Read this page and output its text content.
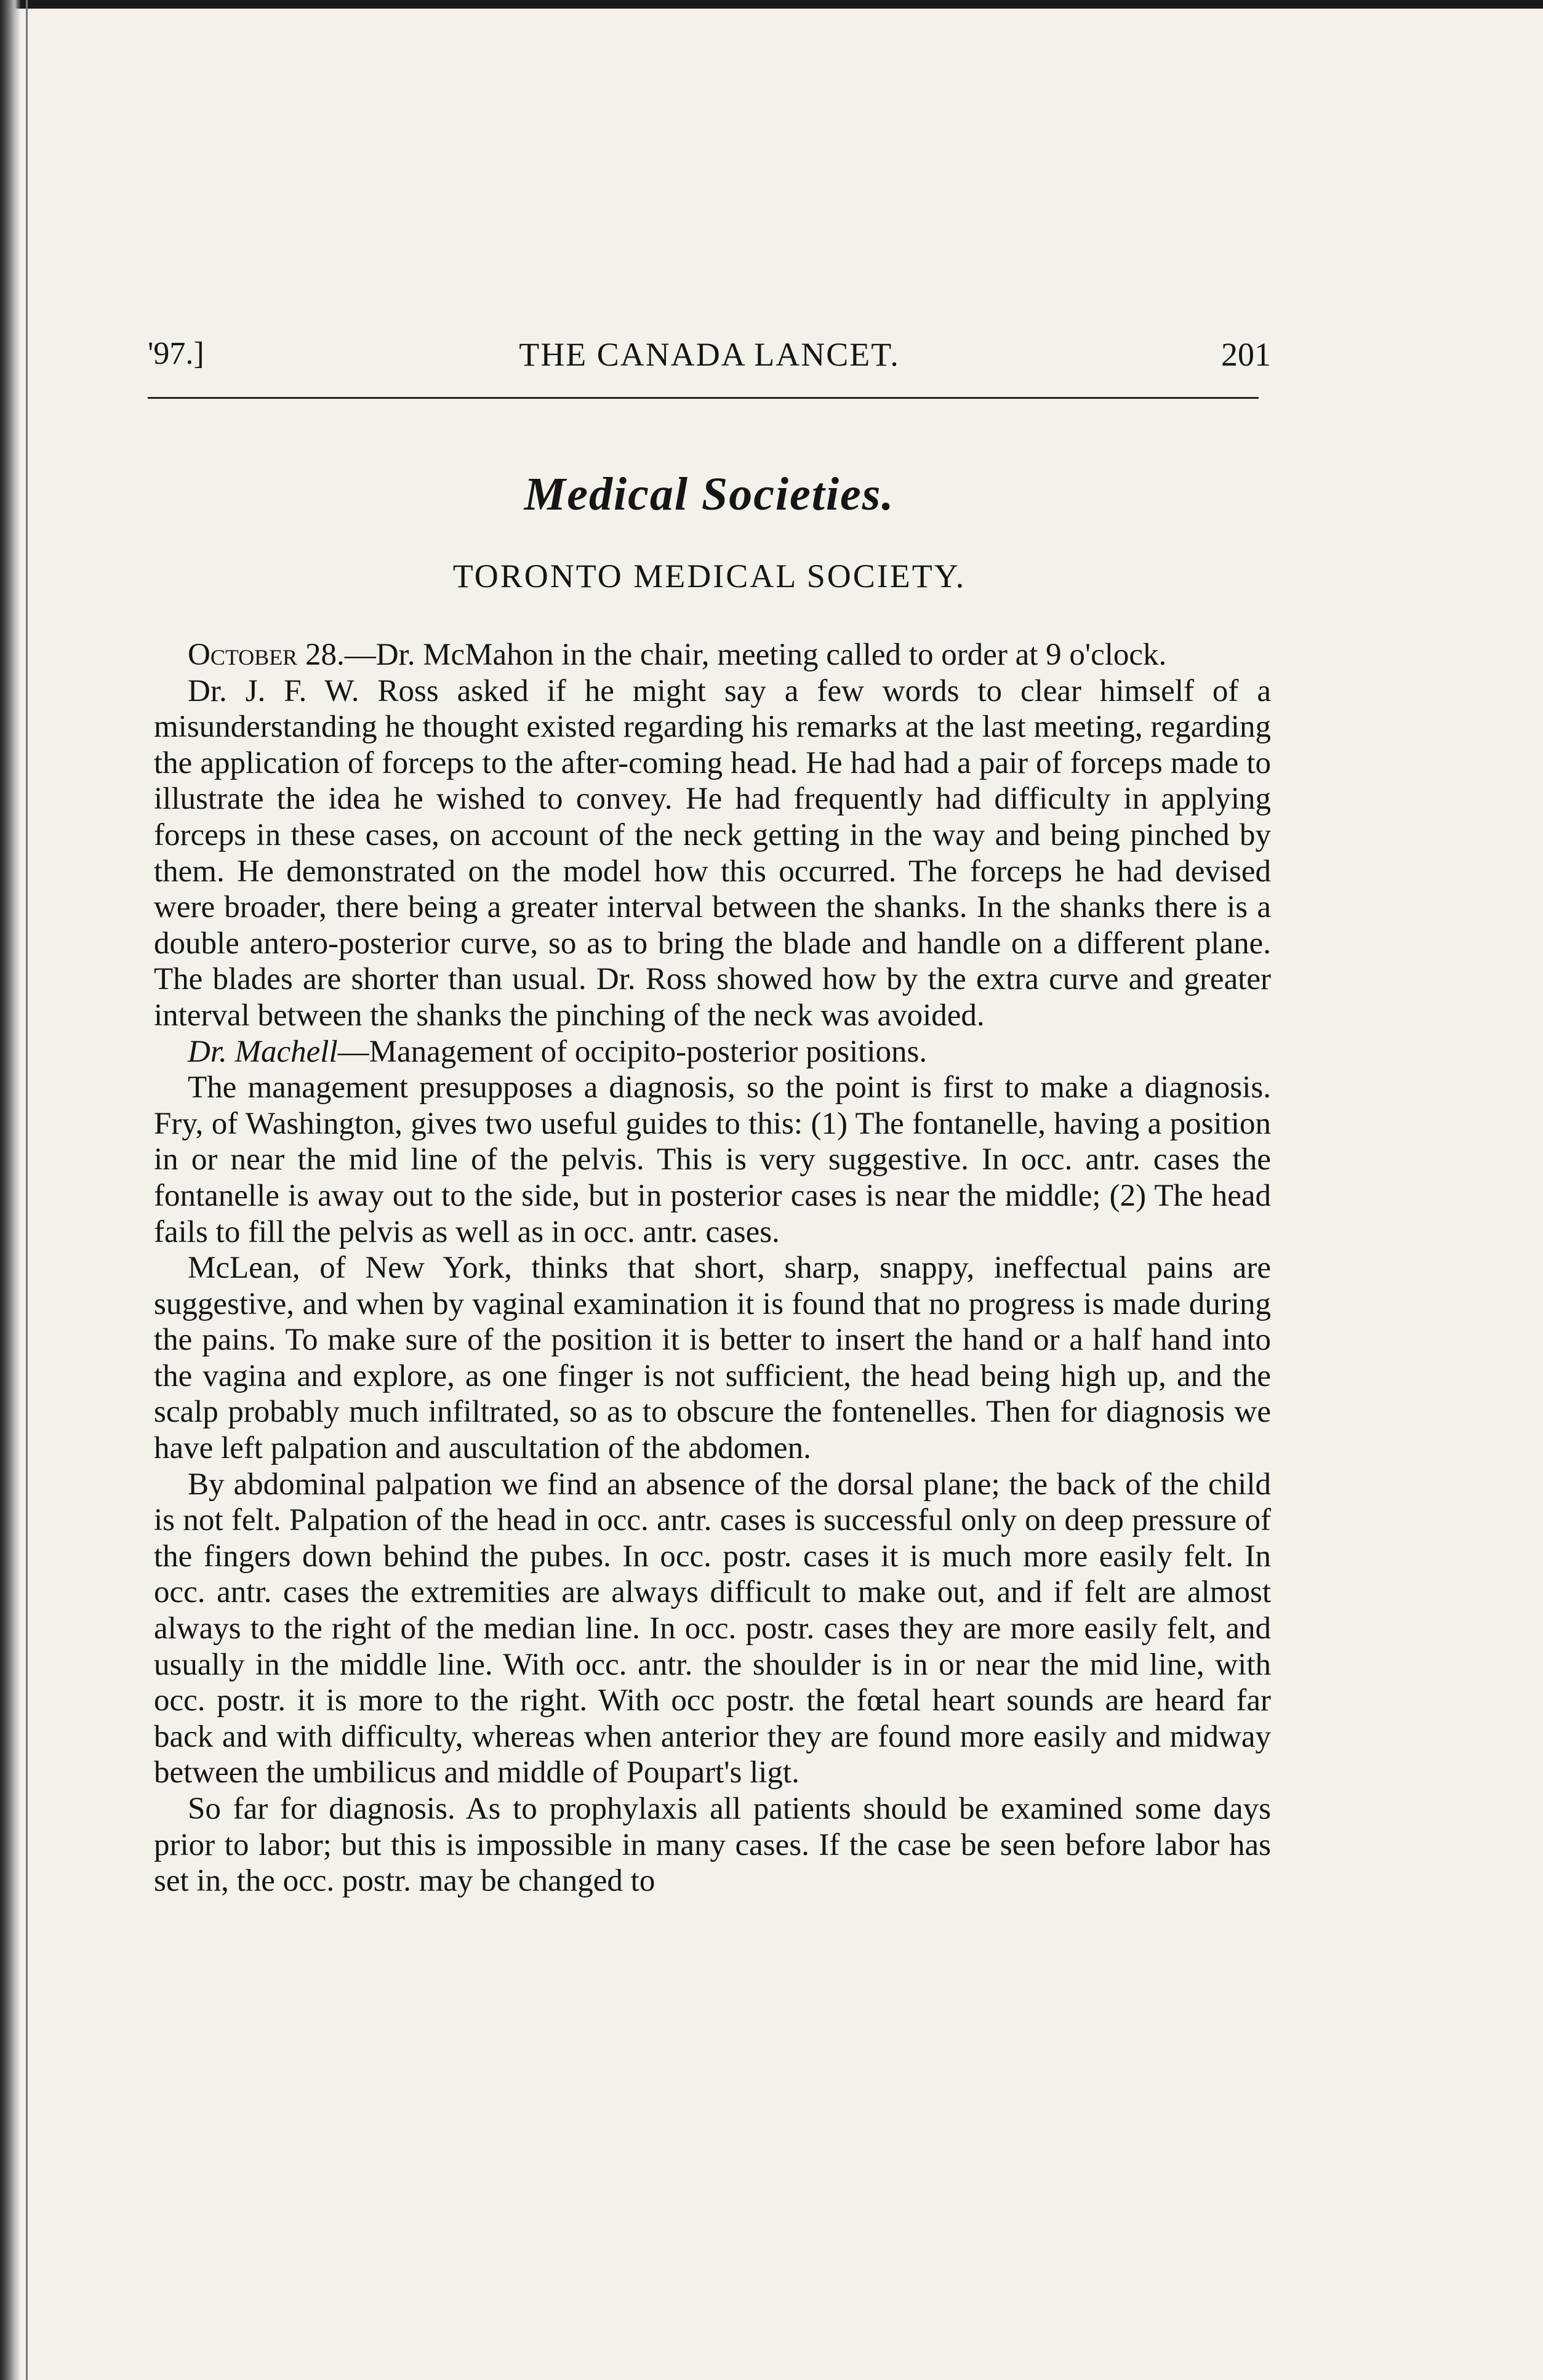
'97.]	THE CANADA LANCET.	201
Medical Societies.
TORONTO MEDICAL SOCIETY.

October 28.—Dr. McMahon in the chair, meeting called to order at 9 o'clock.

Dr. J. F. W. Ross asked if he might say a few words to clear himself of a misunderstanding he thought existed regarding his remarks at the last meeting, regarding the application of forceps to the after-coming head. He had had a pair of forceps made to illustrate the idea he wished to convey. He had frequently had difficulty in applying forceps in these cases, on account of the neck getting in the way and being pinched by them. He demonstrated on the model how this occurred. The forceps he had devised were broader, there being a greater interval between the shanks. In the shanks there is a double antero-posterior curve, so as to bring the blade and handle on a different plane. The blades are shorter than usual. Dr. Ross showed how by the extra curve and greater interval between the shanks the pinching of the neck was avoided.

Dr. Machell—Management of occipito-posterior positions.

The management presupposes a diagnosis, so the point is first to make a diagnosis. Fry, of Washington, gives two useful guides to this: (1) The fontanelle, having a position in or near the mid line of the pelvis. This is very suggestive. In occ. antr. cases the fontanelle is away out to the side, but in posterior cases is near the middle; (2) The head fails to fill the pelvis as well as in occ. antr. cases.

McLean, of New York, thinks that short, sharp, snappy, ineffectual pains are suggestive, and when by vaginal examination it is found that no progress is made during the pains. To make sure of the position it is better to insert the hand or a half hand into the vagina and explore, as one finger is not sufficient, the head being high up, and the scalp probably much infiltrated, so as to obscure the fontenelles. Then for diagnosis we have left palpation and auscultation of the abdomen.

By abdominal palpation we find an absence of the dorsal plane; the back of the child is not felt. Palpation of the head in occ. antr. cases is successful only on deep pressure of the fingers down behind the pubes. In occ. postr. cases it is much more easily felt. In occ. antr. cases the extremities are always difficult to make out, and if felt are almost always to the right of the median line. In occ. postr. cases they are more easily felt, and usually in the middle line. With occ. antr. the shoulder is in or near the mid line, with occ. postr. it is more to the right. With occ postr. the fœtal heart sounds are heard far back and with difficulty, whereas when anterior they are found more easily and midway between the umbilicus and middle of Poupart's ligt.

So far for diagnosis. As to prophylaxis all patients should be examined some days prior to labor; but this is impossible in many cases. If the case be seen before labor has set in, the occ. postr. may be changed to
